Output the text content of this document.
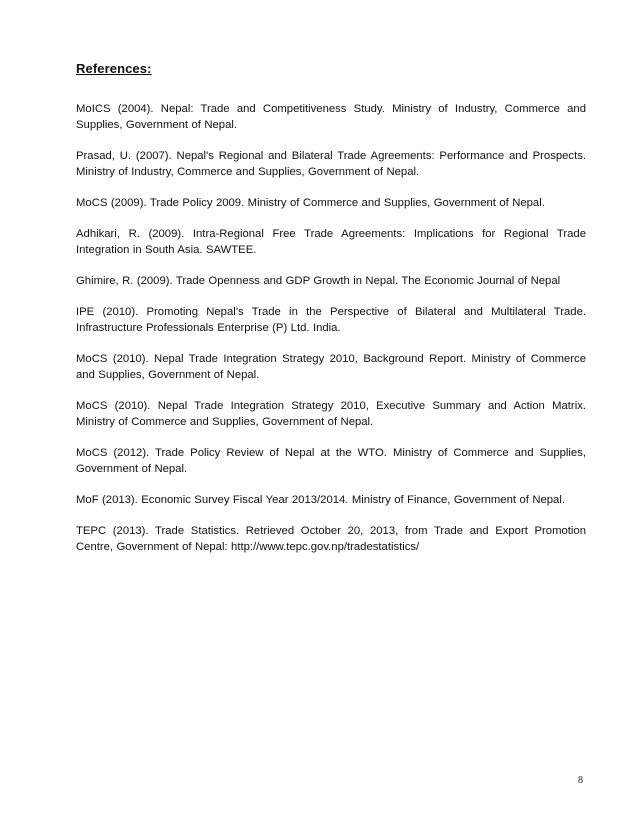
References:
MoICS (2004). Nepal: Trade and Competitiveness Study. Ministry of Industry, Commerce and Supplies, Government of Nepal.
Prasad, U. (2007). Nepal's Regional and Bilateral Trade Agreements: Performance and Prospects. Ministry of Industry, Commerce and Supplies, Government of Nepal.
MoCS (2009). Trade Policy 2009. Ministry of Commerce and Supplies, Government of Nepal.
Adhikari, R. (2009). Intra-Regional Free Trade Agreements: Implications for Regional Trade Integration in South Asia. SAWTEE.
Ghimire, R. (2009). Trade Openness and GDP Growth in Nepal. The Economic Journal of Nepal
IPE (2010). Promoting Nepal’s Trade in the Perspective of Bilateral and Multilateral Trade. Infrastructure Professionals Enterprise (P) Ltd. India.
MoCS (2010). Nepal Trade Integration Strategy 2010, Background Report. Ministry of Commerce and Supplies, Government of Nepal.
MoCS (2010). Nepal Trade Integration Strategy 2010, Executive Summary and Action Matrix. Ministry of Commerce and Supplies, Government of Nepal.
MoCS (2012). Trade Policy Review of Nepal at the WTO. Ministry of Commerce and Supplies, Government of Nepal.
MoF (2013). Economic Survey Fiscal Year 2013/2014. Ministry of Finance, Government of Nepal.
TEPC (2013). Trade Statistics. Retrieved October 20, 2013, from Trade and Export Promotion Centre, Government of Nepal: http://www.tepc.gov.np/tradestatistics/
8
